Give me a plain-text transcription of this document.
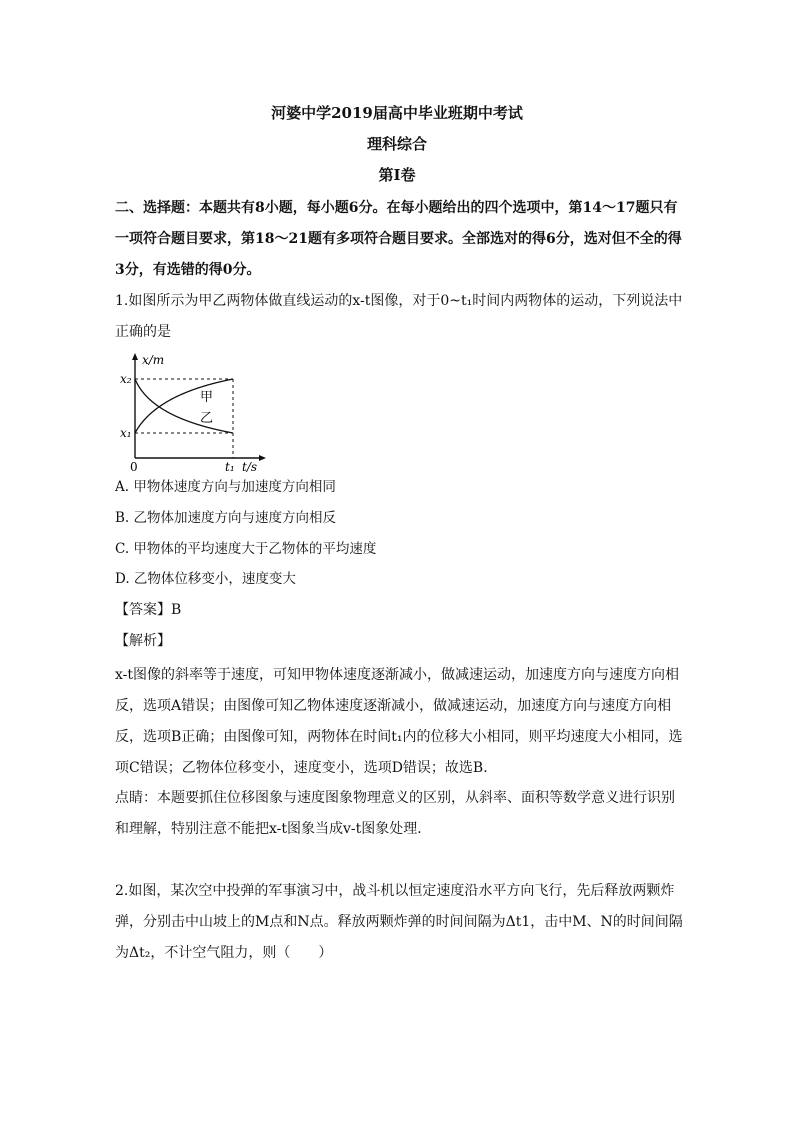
河婆中学2019届高中毕业班期中考试
理科综合
第Ⅰ卷
二、选择题：本题共有8小题，每小题6分。在每小题给出的四个选项中，第14～17题只有一项符合题目要求，第18～21题有多项符合题目要求。全部选对的得6分，选对但不全的得3分，有选错的得0分。
1.如图所示为甲乙两物体做直线运动的x-t图像，对于0~t₁时间内两物体的运动，下列说法中正确的是
x/m
x₂
x₁
0	t₁ t/s
甲
乙
A. 甲物体速度方向与加速度方向相同
B. 乙物体加速度方向与速度方向相反
C. 甲物体的平均速度大于乙物体的平均速度
D. 乙物体位移变小，速度变大
【答案】B
【解析】
x-t图像的斜率等于速度，可知甲物体速度逐渐减小，做减速运动，加速度方向与速度方向相反，选项A错误；由图像可知乙物体速度逐渐减小，做减速运动，加速度方向与速度方向相反，选项B正确；由图像可知，两物体在时间t₁内的位移大小相同，则平均速度大小相同，选项C错误；乙物体位移变小，速度变小，选项D错误；故选B.
点睛：本题要抓住位移图象与速度图象物理意义的区别，从斜率、面积等数学意义进行识别和理解，特别注意不能把x-t图象当成v-t图象处理．
2.如图，某次空中投弹的军事演习中，战斗机以恒定速度沿水平方向飞行，先后释放两颗炸弹，分别击中山坡上的M点和N点。释放两颗炸弹的时间间隔为Δt1，击中M、N的时间间隔为Δt₂，不计空气阻力，则（　　）
